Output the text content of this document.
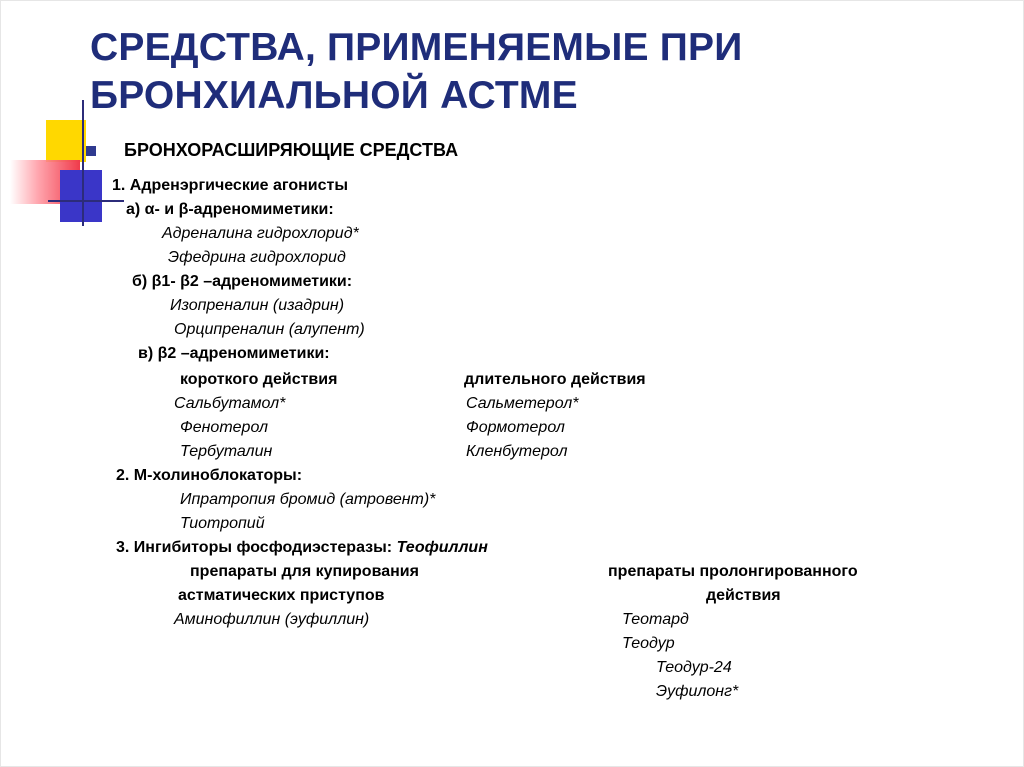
СРЕДСТВА, ПРИМЕНЯЕМЫЕ ПРИ
БРОНХИАЛЬНОЙ АСТМЕ
БРОНХОРАСШИРЯЮЩИЕ СРЕДСТВА
1. Адренэргические агонисты
а) α- и β-адреномиметики:
Адреналина гидрохлорид*
Эфедрина гидрохлорид
б) β1- β2 –адреномиметики:
Изопреналин (изадрин)
Орципреналин (алупент)
в) β2 –адреномиметики:
короткого действия	длительного действия
Сальбутамол*
Фенотерол
Тербуталин
Сальметерол*
Формотерол
Кленбутерол
2. М-холиноблокаторы:
Ипратропия бромид (атровент)*
Тиотропий
3. Ингибиторы фосфодиэстеразы: Теофиллин
препараты для купирования
астматических приступов
препараты пролонгированного
действия
Аминофиллин (эуфиллин)	Теотард
Теодур
Теодур-24
Эуфилонг*
